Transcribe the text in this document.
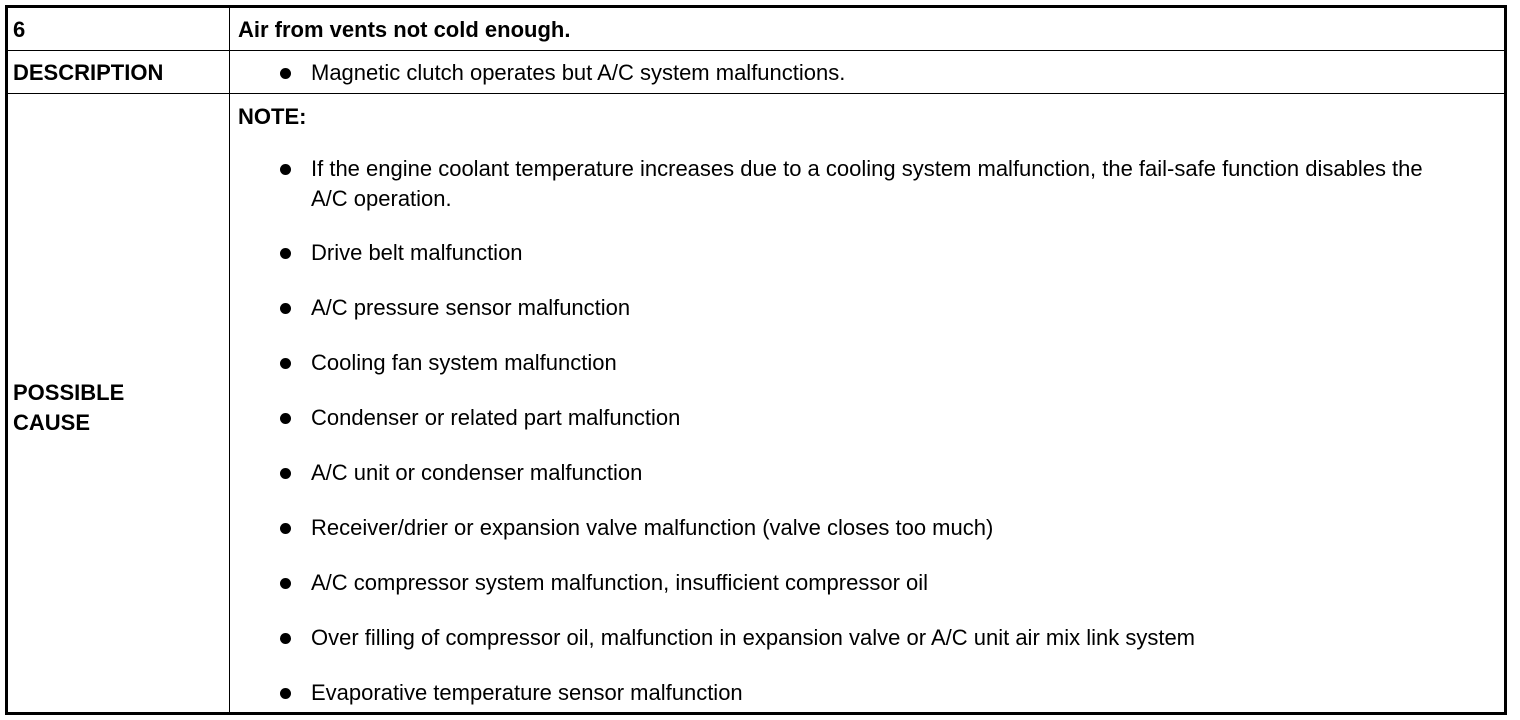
6	Air from vents not cold enough.
DESCRIPTION	Magnetic clutch operates but A/C system malfunctions.
POSSIBLE
CAUSE
NOTE:
If the engine coolant temperature increases due to a cooling system malfunction, the fail-safe function disables the A/C operation.
Drive belt malfunction
A/C pressure sensor malfunction
Cooling fan system malfunction
Condenser or related part malfunction
A/C unit or condenser malfunction
Receiver/drier or expansion valve malfunction (valve closes too much)
A/C compressor system malfunction, insufficient compressor oil
Over filling of compressor oil, malfunction in expansion valve or A/C unit air mix link system
Evaporative temperature sensor malfunction
